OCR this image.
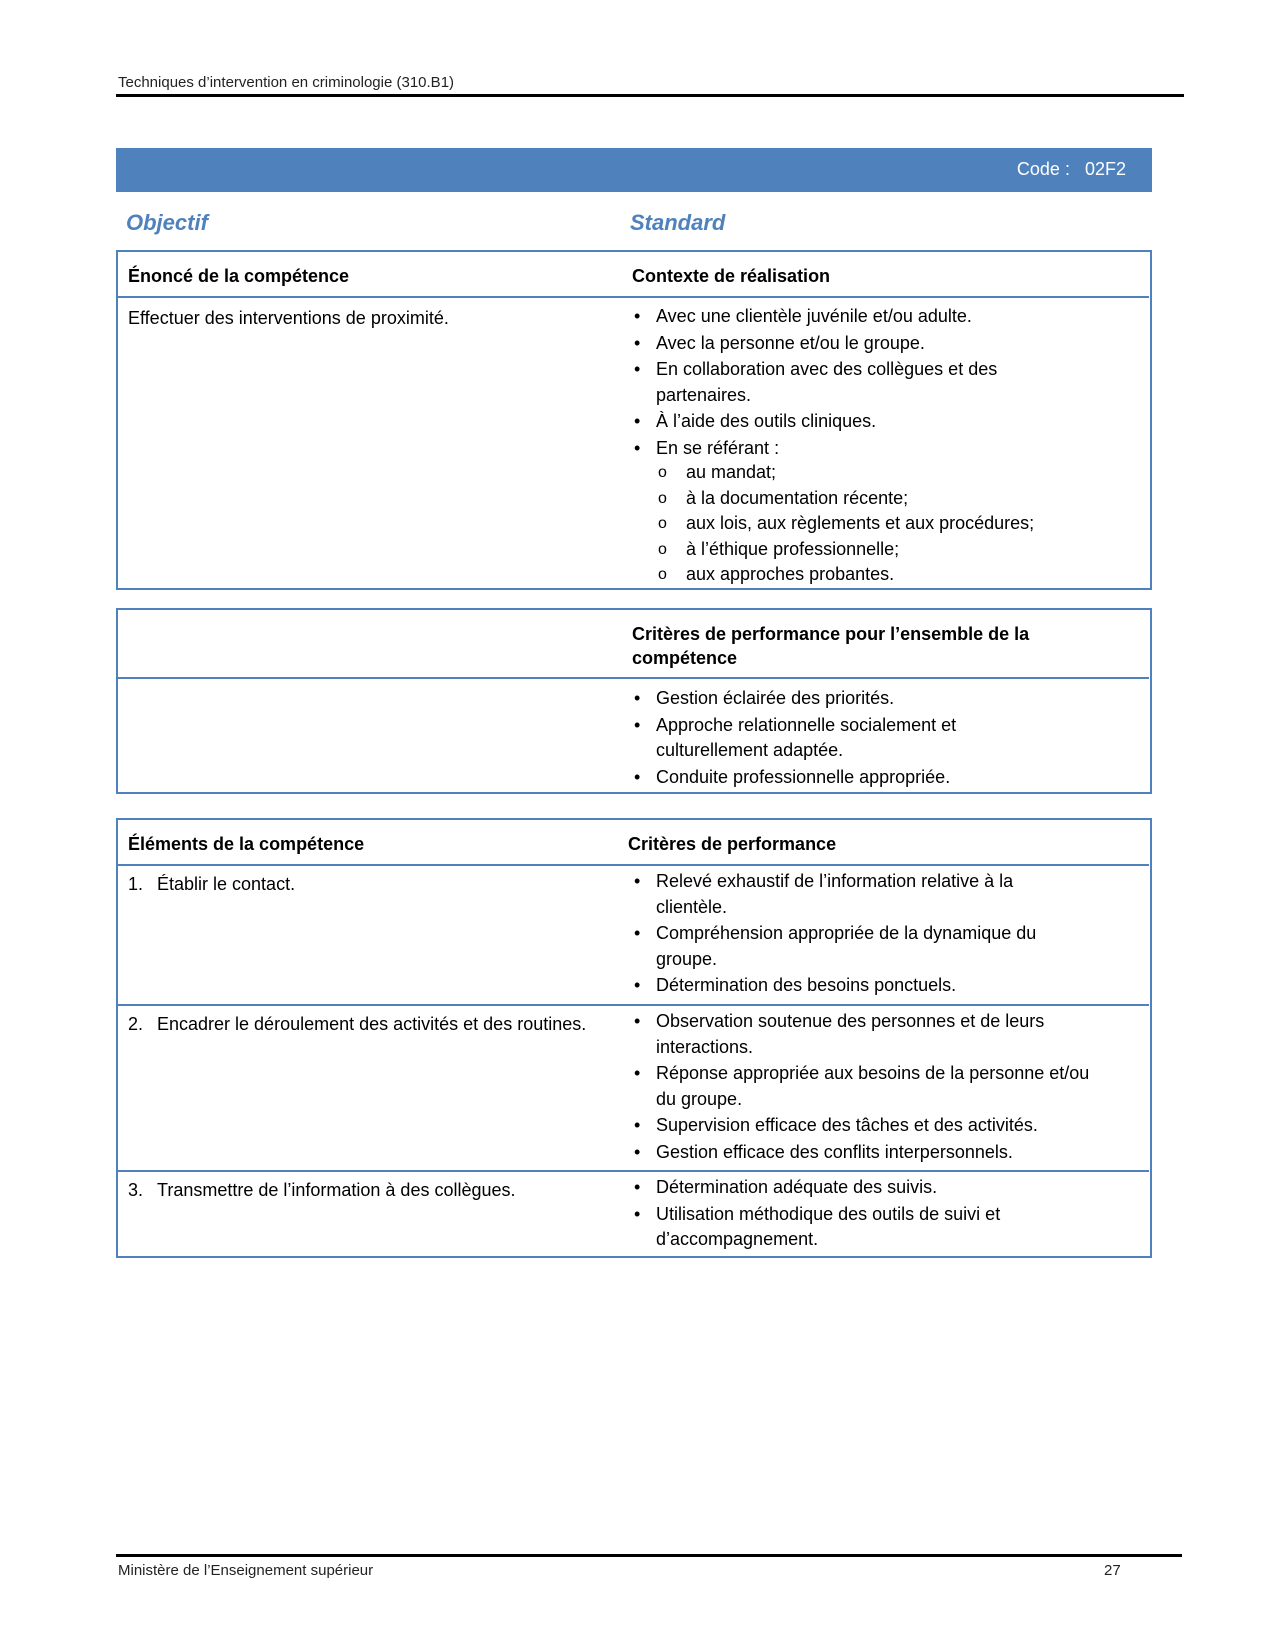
Techniques d’intervention en criminologie (310.B1)
Code : 02F2
Objectif	Standard
Énoncé de la compétence	Contexte de réalisation
Effectuer des interventions de proximité.	• Avec une clientèle juvénile et/ou adulte.
• Avec la personne et/ou le groupe.
• En collaboration avec des collègues et des partenaires.
• À l’aide des outils cliniques.
• En se référant :
o au mandat;
o à la documentation récente;
o aux lois, aux règlements et aux procédures;
o à l’éthique professionnelle;
o aux approches probantes.
Critères de performance pour l’ensemble de la compétence
• Gestion éclairée des priorités.
• Approche relationnelle socialement et culturellement adaptée.
• Conduite professionnelle appropriée.
Éléments de la compétence	Critères de performance
1. Établir le contact.	• Relevé exhaustif de l’information relative à la clientèle.
• Compréhension appropriée de la dynamique du groupe.
• Détermination des besoins ponctuels.
2. Encadrer le déroulement des activités et des routines.	• Observation soutenue des personnes et de leurs interactions.
• Réponse appropriée aux besoins de la personne et/ou du groupe.
• Supervision efficace des tâches et des activités.
• Gestion efficace des conflits interpersonnels.
3. Transmettre de l’information à des collègues.	• Détermination adéquate des suivis.
• Utilisation méthodique des outils de suivi et d’accompagnement.
Ministère de l’Enseignement supérieur	27
